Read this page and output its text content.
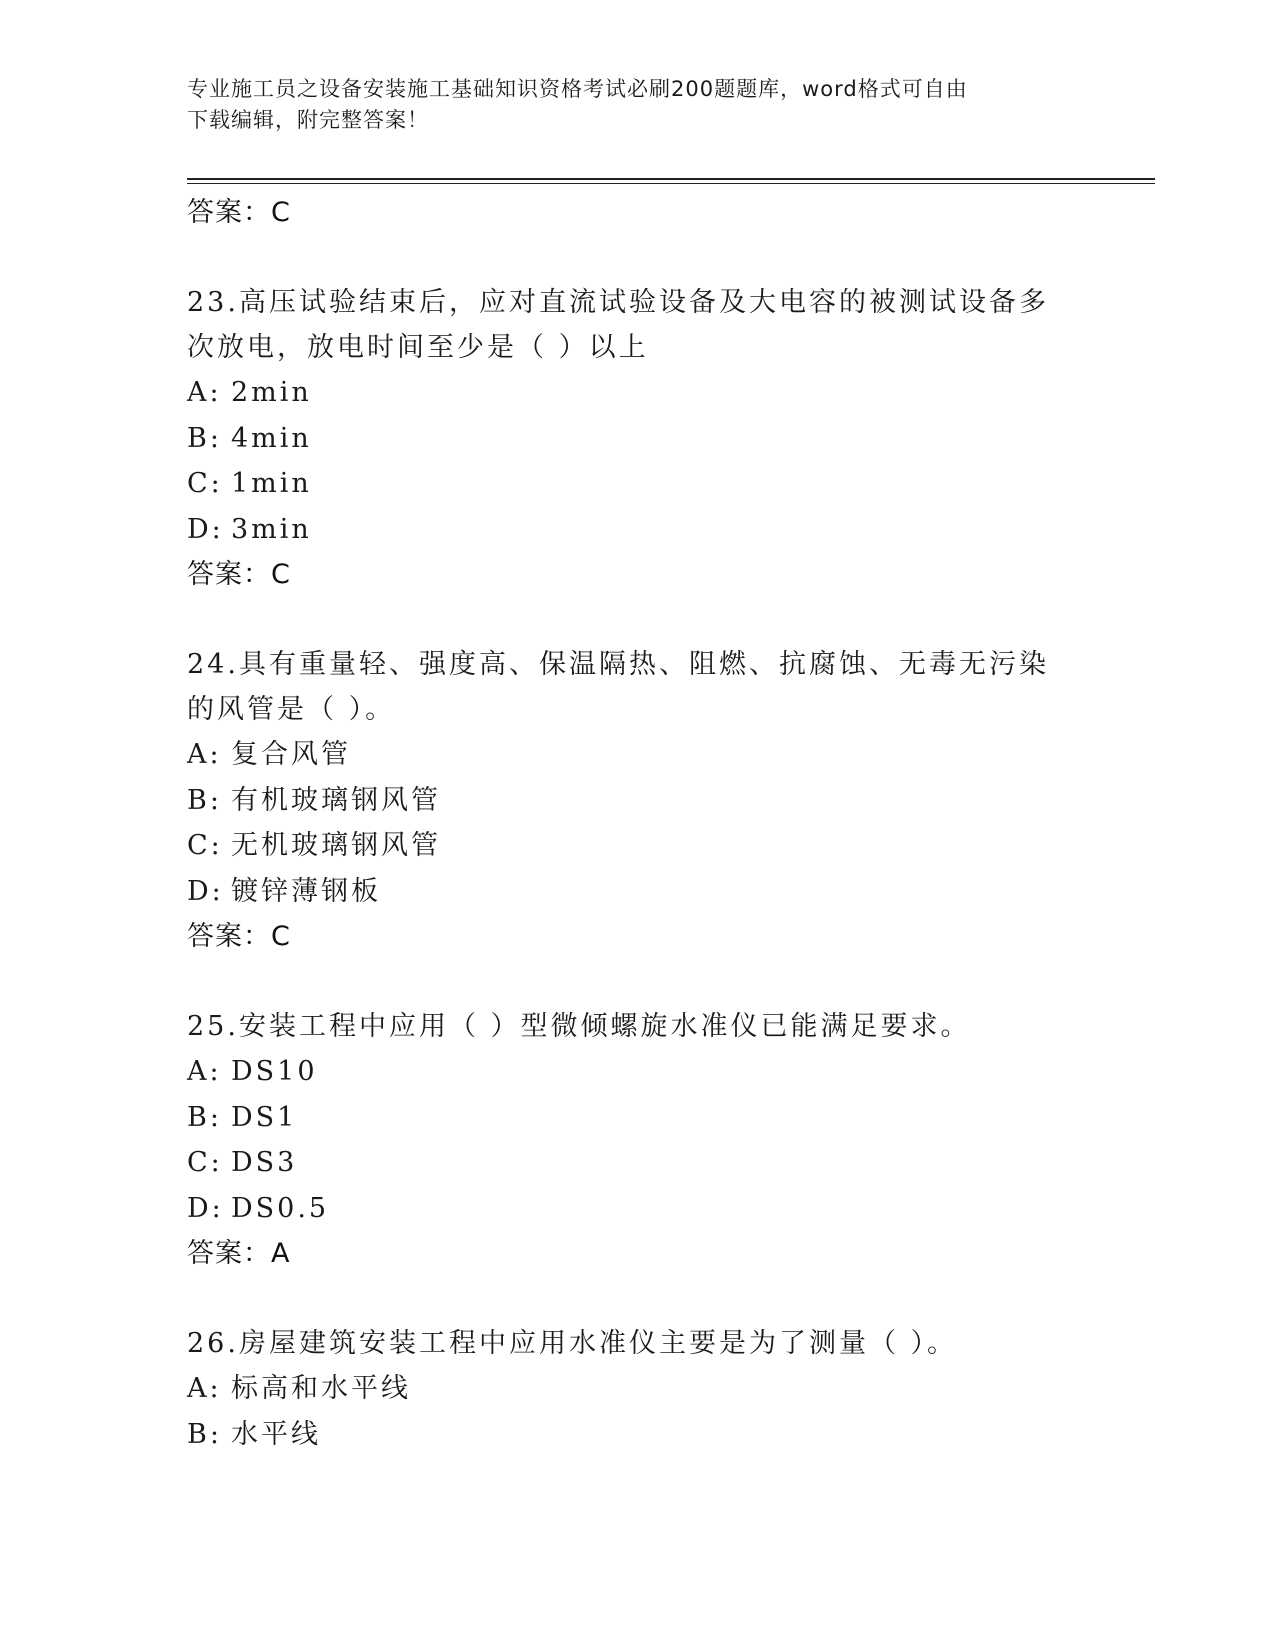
专业施工员之设备安装施工基础知识资格考试必刷200题题库，word格式可自由
下载编辑，附完整答案！
答案：C
23.高压试验结束后，应对直流试验设备及大电容的被测试设备多次放电，放电时间至少是（ ）以上
A: 2min
B: 4min
C: 1min
D: 3min
答案：C
24.具有重量轻、强度高、保温隔热、阻燃、抗腐蚀、无毒无污染的风管是（ ）。
A: 复合风管
B: 有机玻璃钢风管
C: 无机玻璃钢风管
D: 镀锌薄钢板
答案：C
25.安装工程中应用（ ）型微倾螺旋水准仪已能满足要求。
A: DS10
B: DS1
C: DS3
D: DS0.5
答案：A
26.房屋建筑安装工程中应用水准仪主要是为了测量（ ）。
A: 标高和水平线
B: 水平线
